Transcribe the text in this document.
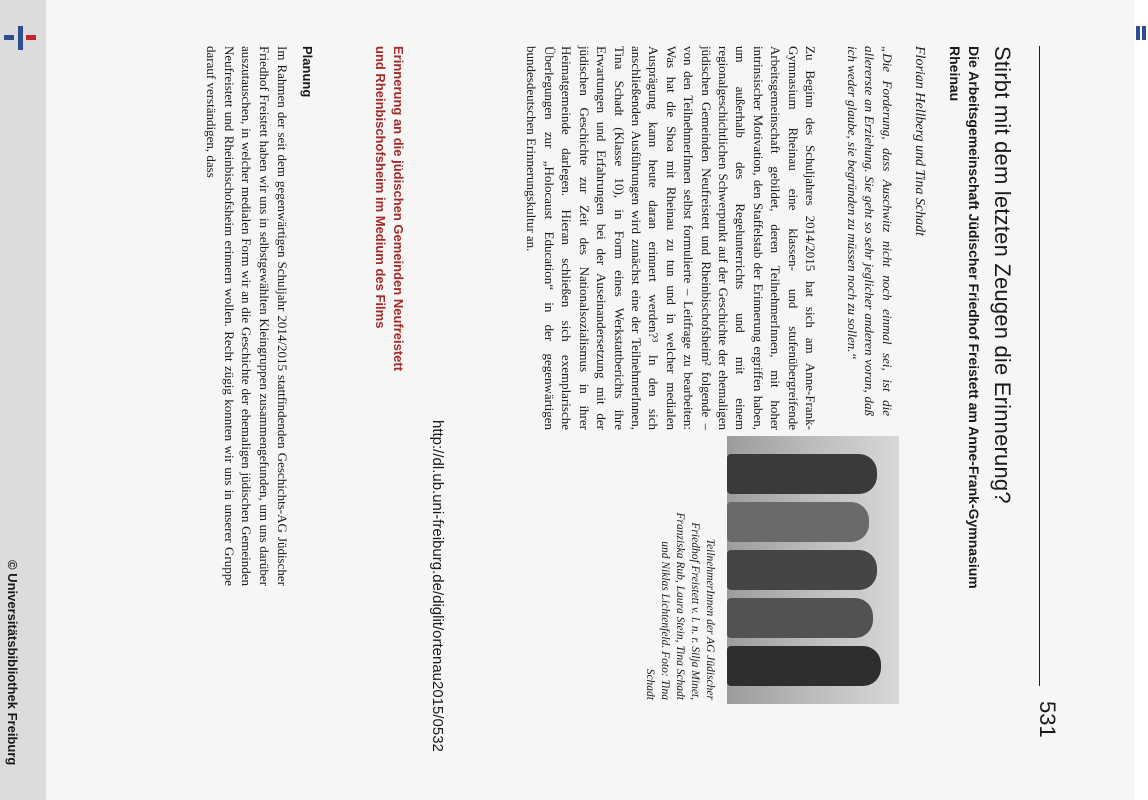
http://dl.ub.uni-freiburg.de/diglit/ortenau2015/0532
© Universitätsbibliothek Freiburg	531
Stirbt mit dem letzten Zeugen die Erinnerung?
Die Arbeitsgemeinschaft Jüdischer Friedhof Freistett am Anne-Frank-Gymnasium Rheinau
Florian Hellberg und Tina Schadt
„Die Forderung, dass Auschwitz nicht noch einmal sei, ist die allererste an Erziehung. Sie geht so sehr jeglicher anderen voran, daß ich weder glaube, sie begründen zu müssen noch zu sollen.“
Zu Beginn des Schuljahres 2014/2015 hat sich am Anne-Frank-Gymnasium Rheinau eine klassen- und stufenübergreifende Arbeitsgemeinschaft gebildet, deren TeilnehmerInnen, mit hoher intrinsischer Motivation, den Staffelstab der Erinnerung ergriffen haben, um außerhalb des Regelunterrichts und mit einem regionalgeschichtlichen Schwerpunkt auf der Geschichte der ehemaligen jüdischen Gemeinden Neufreistett und Rheinbischofsheim² folgende – von den TeilnehmerInnen selbst formulierte – Leitfrage zu bearbeiten: Was hat die Shoa mit Rheinau zu tun und in welcher medialen Ausprägung kann heute daran erinnert werden?³ In den sich anschließenden Ausführungen wird zunächst eine der TeilnehmerInnen, Tina Schadt (Klasse 10), in Form eines Werkstattberichts ihre Erwartungen und Erfahrungen bei der Auseinandersetzung mit der jüdischen Geschichte zur Zeit des Nationalsozialismus in ihrer Heimatgemeinde darlegen. Hieran schließen sich exemplarische Überlegungen zur „Holocaust Education“ in der gegenwärtigen bundesdeutschen Erinnerungskultur an.
TeilnehmerInnen der AG Jüdischer Friedhof Freistett v. l. n. r. Silja Minet, Franziska Rub, Laura Stein, Tina Schadt und Niklas Lichtenfeld. Foto: Tina Schadt
Erinnerung an die jüdischen Gemeinden Neufreistett und Rheinbischofsheim im Medium des Films
Planung
Im Rahmen der seit dem gegenwärtigen Schuljahr 2014/2015 stattfindenden Geschichts-AG Jüdischer Friedhof Freistett haben wir uns in selbstgewählten Kleingruppen zusammengefunden, um uns darüber auszutauschen, in welcher medialen Form wir an die Geschichte der ehemaligen jüdischen Gemeinden Neufreistett und Rheinbischofsheim erinnern wollen. Recht zügig konnten wir uns in unserer Gruppe darauf verständigen, dass
